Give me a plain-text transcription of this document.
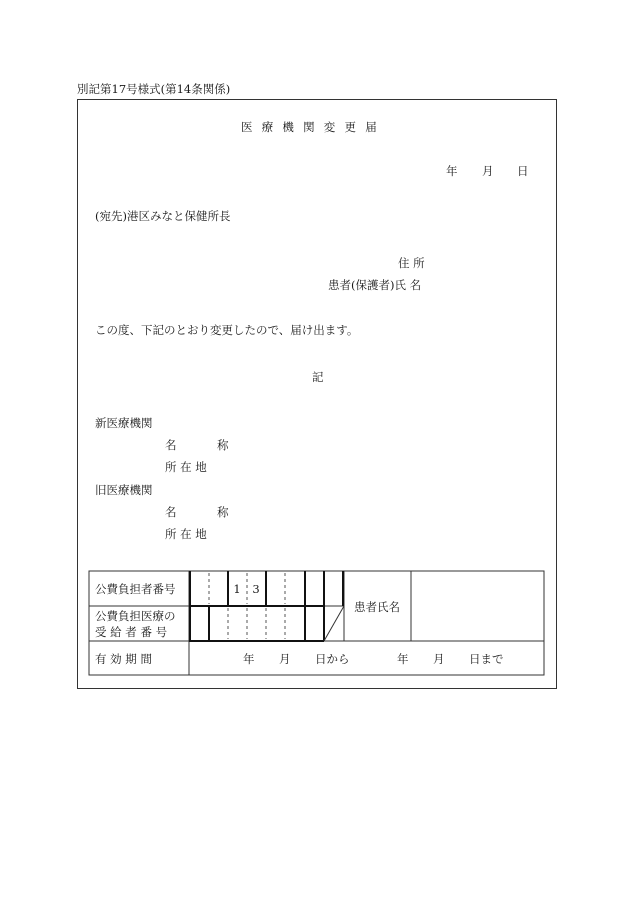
別記第17号様式(第14条関係)
医療機関変更届
年 月 日
(宛先)港区みなと保健所長
住 所
患者(保護者)氏 名
この度、下記のとおり変更したので、届け出ます。
記
新医療機関
名 称
所 在 地
旧医療機関
名 称
所 在 地
1 3
公費負担者番号
公費負担医療の
受 給 者 番 号
患者氏名
有 効 期 間	年 月 日から	年 月 日まで
